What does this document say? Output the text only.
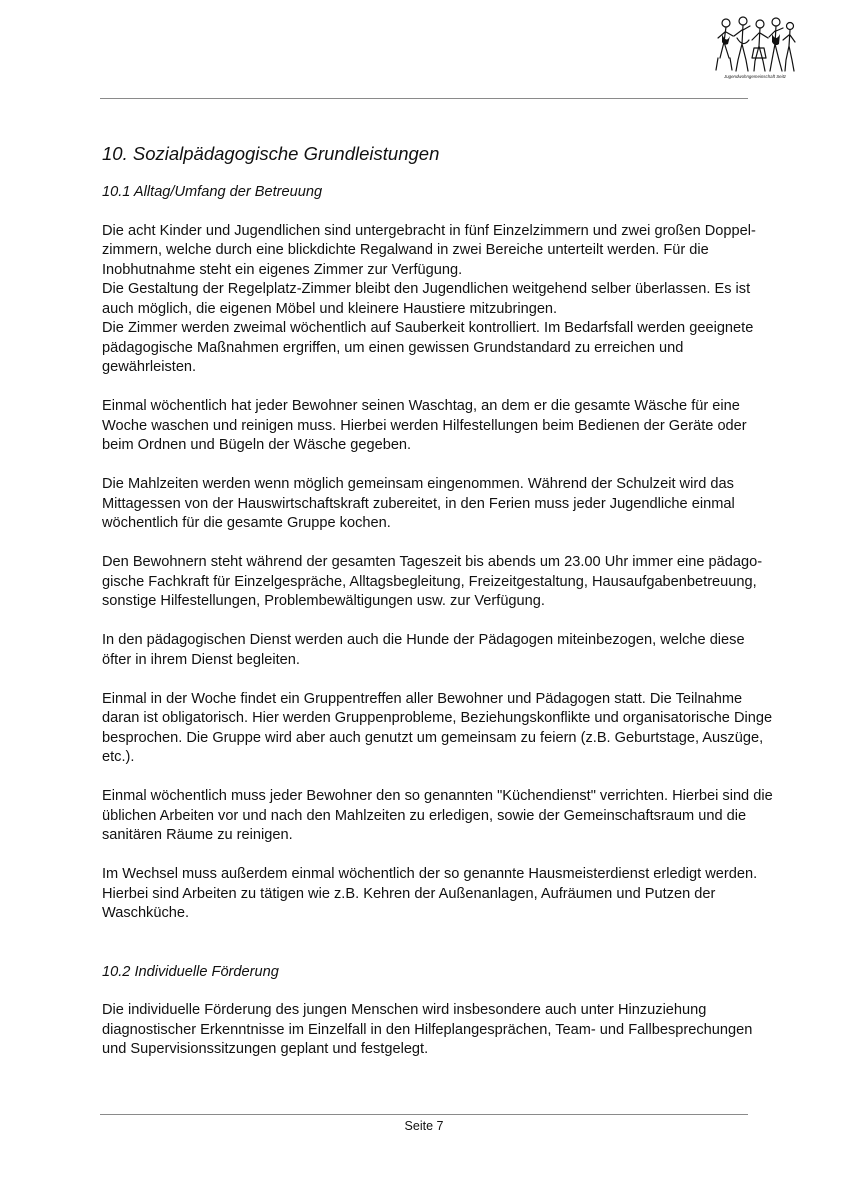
Jugendwohngemeinschaft Seitz
10. Sozialpädagogische Grundleistungen
10.1 Alltag/Umfang der Betreuung

Die acht Kinder und Jugendlichen sind untergebracht in fünf Einzelzimmern und zwei großen Doppel-
zimmern, welche durch eine blickdichte Regalwand in zwei Bereiche unterteilt werden. Für die
Inobhutnahme steht ein eigenes Zimmer zur Verfügung.

Die Gestaltung der Regelplatz-Zimmer bleibt den Jugendlichen weitgehend selber überlassen. Es ist
auch möglich, die eigenen Möbel und kleinere Haustiere mitzubringen.

Die Zimmer werden zweimal wöchentlich auf Sauberkeit kontrolliert. Im Bedarfsfall werden geeignete
pädagogische Maßnahmen ergriffen, um einen gewissen Grundstandard zu erreichen und
gewährleisten.

Einmal wöchentlich hat jeder Bewohner seinen Waschtag, an dem er die gesamte Wäsche für eine
Woche waschen und reinigen muss. Hierbei werden Hilfestellungen beim Bedienen der Geräte oder
beim Ordnen und Bügeln der Wäsche gegeben.

Die Mahlzeiten werden wenn möglich gemeinsam eingenommen. Während der Schulzeit wird das
Mittagessen von der Hauswirtschaftskraft zubereitet, in den Ferien muss jeder Jugendliche einmal
wöchentlich für die gesamte Gruppe kochen.

Den Bewohnern steht während der gesamten Tageszeit bis abends um 23.00 Uhr immer eine pädago-
gische Fachkraft für Einzelgespräche, Alltagsbegleitung, Freizeitgestaltung, Hausaufgabenbetreuung,
sonstige Hilfestellungen, Problembewältigungen usw. zur Verfügung.

In den pädagogischen Dienst werden auch die Hunde der Pädagogen miteinbezogen, welche diese
öfter in ihrem Dienst begleiten.

Einmal in der Woche findet ein Gruppentreffen aller Bewohner und Pädagogen statt. Die Teilnahme
daran ist obligatorisch. Hier werden Gruppenprobleme, Beziehungskonflikte und organisatorische Dinge
besprochen. Die Gruppe wird aber auch genutzt um gemeinsam zu feiern (z.B. Geburtstage, Auszüge,
etc.).

Einmal wöchentlich muss jeder Bewohner den so genannten "Küchendienst" verrichten. Hierbei sind die
üblichen Arbeiten vor und nach den Mahlzeiten zu erledigen, sowie der Gemeinschaftsraum und die
sanitären Räume zu reinigen.

Im Wechsel muss außerdem einmal wöchentlich der so genannte Hausmeisterdienst erledigt werden.
Hierbei sind Arbeiten zu tätigen wie z.B. Kehren der Außenanlagen, Aufräumen und Putzen der
Waschküche.

10.2 Individuelle Förderung

Die individuelle Förderung des jungen Menschen wird insbesondere auch unter Hinzuziehung
diagnostischer Erkenntnisse im Einzelfall in den Hilfeplangesprächen, Team- und Fallbesprechungen
und Supervisionssitzungen geplant und festgelegt.

Seite 7
